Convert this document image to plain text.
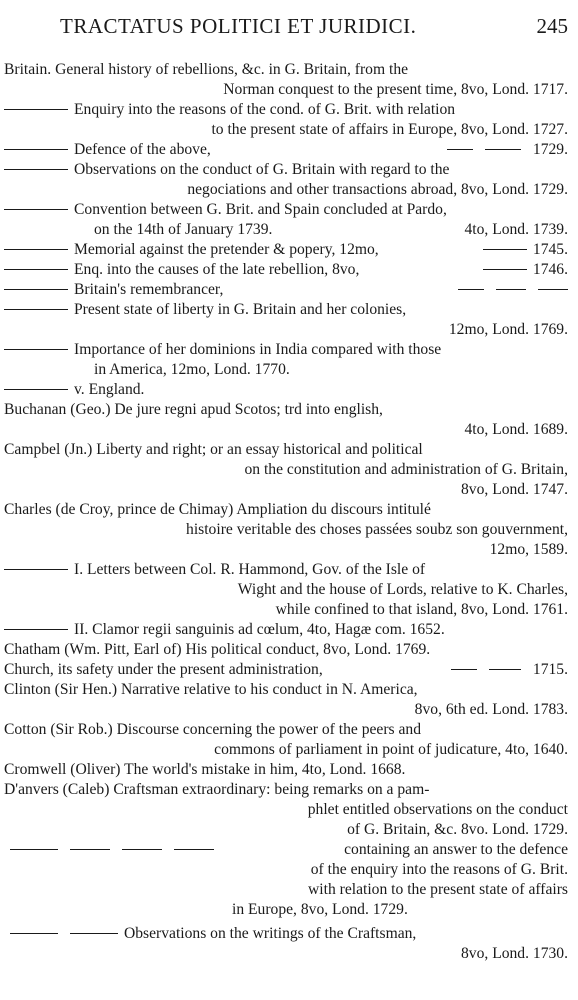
TRACTATUS POLITICI ET JURIDICI.	245
Britain. General history of rebellions, &c. in G. Britain, from the
Norman conquest to the present time, 8vo, Lond. 1717.
Enquiry into the reasons of the cond. of G. Brit. with relation
to the present state of affairs in Europe, 8vo, Lond. 1727.
Defence of the above,	1729.
Observations on the conduct of G. Britain with regard to the
negociations and other transactions abroad, 8vo, Lond. 1729.
Convention between G. Brit. and Spain concluded at Pardo,
on the 14th of January 1739.	4to, Lond. 1739.
Memorial against the pretender & popery, 12mo,	1745.
Enq. into the causes of the late rebellion, 8vo,	1746.
Britain's remembrancer,
Present state of liberty in G. Britain and her colonies,
12mo, Lond. 1769.
Importance of her dominions in India compared with those
in America, 12mo, Lond. 1770.
v. England.
Buchanan (Geo.) De jure regni apud Scotos; trd into english,
4to, Lond. 1689.
Campbel (Jn.) Liberty and right; or an essay historical and political
on the constitution and administration of G. Britain,
8vo, Lond. 1747.
Charles (de Croy, prince de Chimay) Ampliation du discours intitulé
histoire veritable des choses passées soubz son gouvernment,
12mo, 1589.
I. Letters between Col. R. Hammond, Gov. of the Isle of
Wight and the house of Lords, relative to K. Charles,
while confined to that island, 8vo, Lond. 1761.
II. Clamor regii sanguinis ad cœlum, 4to, Hagæ com. 1652.
Chatham (Wm. Pitt, Earl of) His political conduct, 8vo, Lond. 1769.
Church, its safety under the present administration,	1715.
Clinton (Sir Hen.) Narrative relative to his conduct in N. America,
8vo, 6th ed. Lond. 1783.
Cotton (Sir Rob.) Discourse concerning the power of the peers and
commons of parliament in point of judicature, 4to, 1640.
Cromwell (Oliver) The world's mistake in him, 4to, Lond. 1668.
D'anvers (Caleb) Craftsman extraordinary: being remarks on a pam-
phlet entitled observations on the conduct
of G. Britain, &c. 8vo. Lond. 1729.
containing an answer to the defence
of the enquiry into the reasons of G. Brit.
with relation to the present state of affairs
in Europe, 8vo, Lond. 1729.
Observations on the writings of the Craftsman,
8vo, Lond. 1730.
